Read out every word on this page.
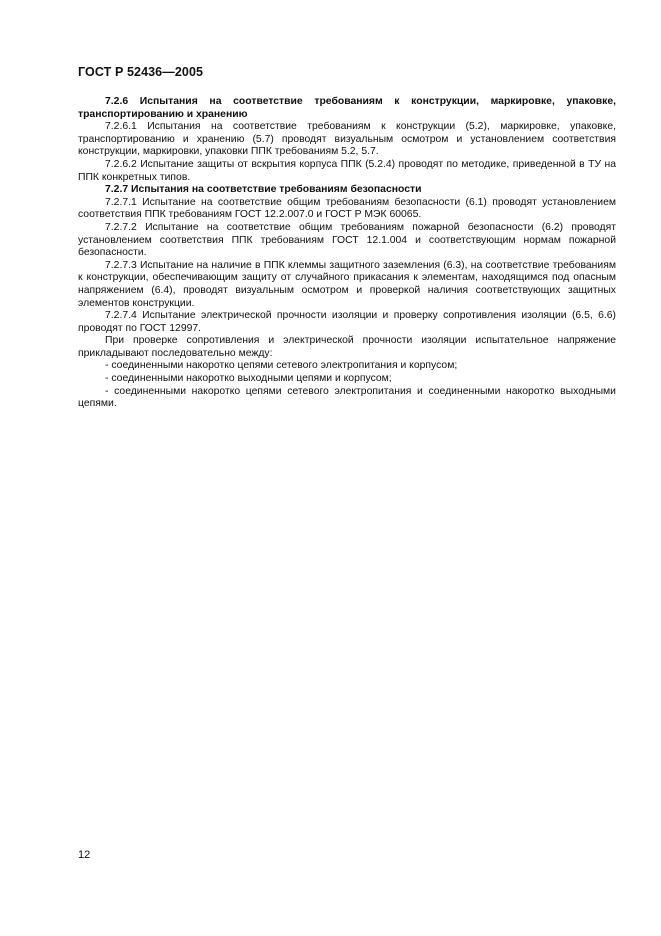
ГОСТ Р 52436—2005

7.2.6 Испытания на соответствие требованиям к конструкции, маркировке, упаковке, транспортированию и хранению

7.2.6.1 Испытания на соответствие требованиям к конструкции (5.2), маркировке, упаковке, транспортированию и хранению (5.7) проводят визуальным осмотром и установлением соответствия конструкции, маркировки, упаковки ППК требованиям 5.2, 5.7.

7.2.6.2 Испытание защиты от вскрытия корпуса ППК (5.2.4) проводят по методике, приведенной в ТУ на ППК конкретных типов.

7.2.7 Испытания на соответствие требованиям безопасности

7.2.7.1 Испытание на соответствие общим требованиям безопасности (6.1) проводят установлением соответствия ППК требованиям ГОСТ 12.2.007.0 и ГОСТ Р МЭК 60065.

7.2.7.2 Испытание на соответствие общим требованиям пожарной безопасности (6.2) проводят установлением соответствия ППК требованиям ГОСТ 12.1.004 и соответствующим нормам пожарной безопасности.

7.2.7.3 Испытание на наличие в ППК клеммы защитного заземления (6.3), на соответствие требованиям к конструкции, обеспечивающим защиту от случайного прикасания к элементам, находящимся под опасным напряжением (6.4), проводят визуальным осмотром и проверкой наличия соответствующих защитных элементов конструкции.

7.2.7.4 Испытание электрической прочности изоляции и проверку сопротивления изоляции (6.5, 6.6) проводят по ГОСТ 12997.

При проверке сопротивления и электрической прочности изоляции испытательное напряжение прикладывают последовательно между:

- соединенными накоротко цепями сетевого электропитания и корпусом;

- соединенными накоротко выходными цепями и корпусом;

- соединенными накоротко цепями сетевого электропитания и соединенными накоротко выходными цепями.

12
